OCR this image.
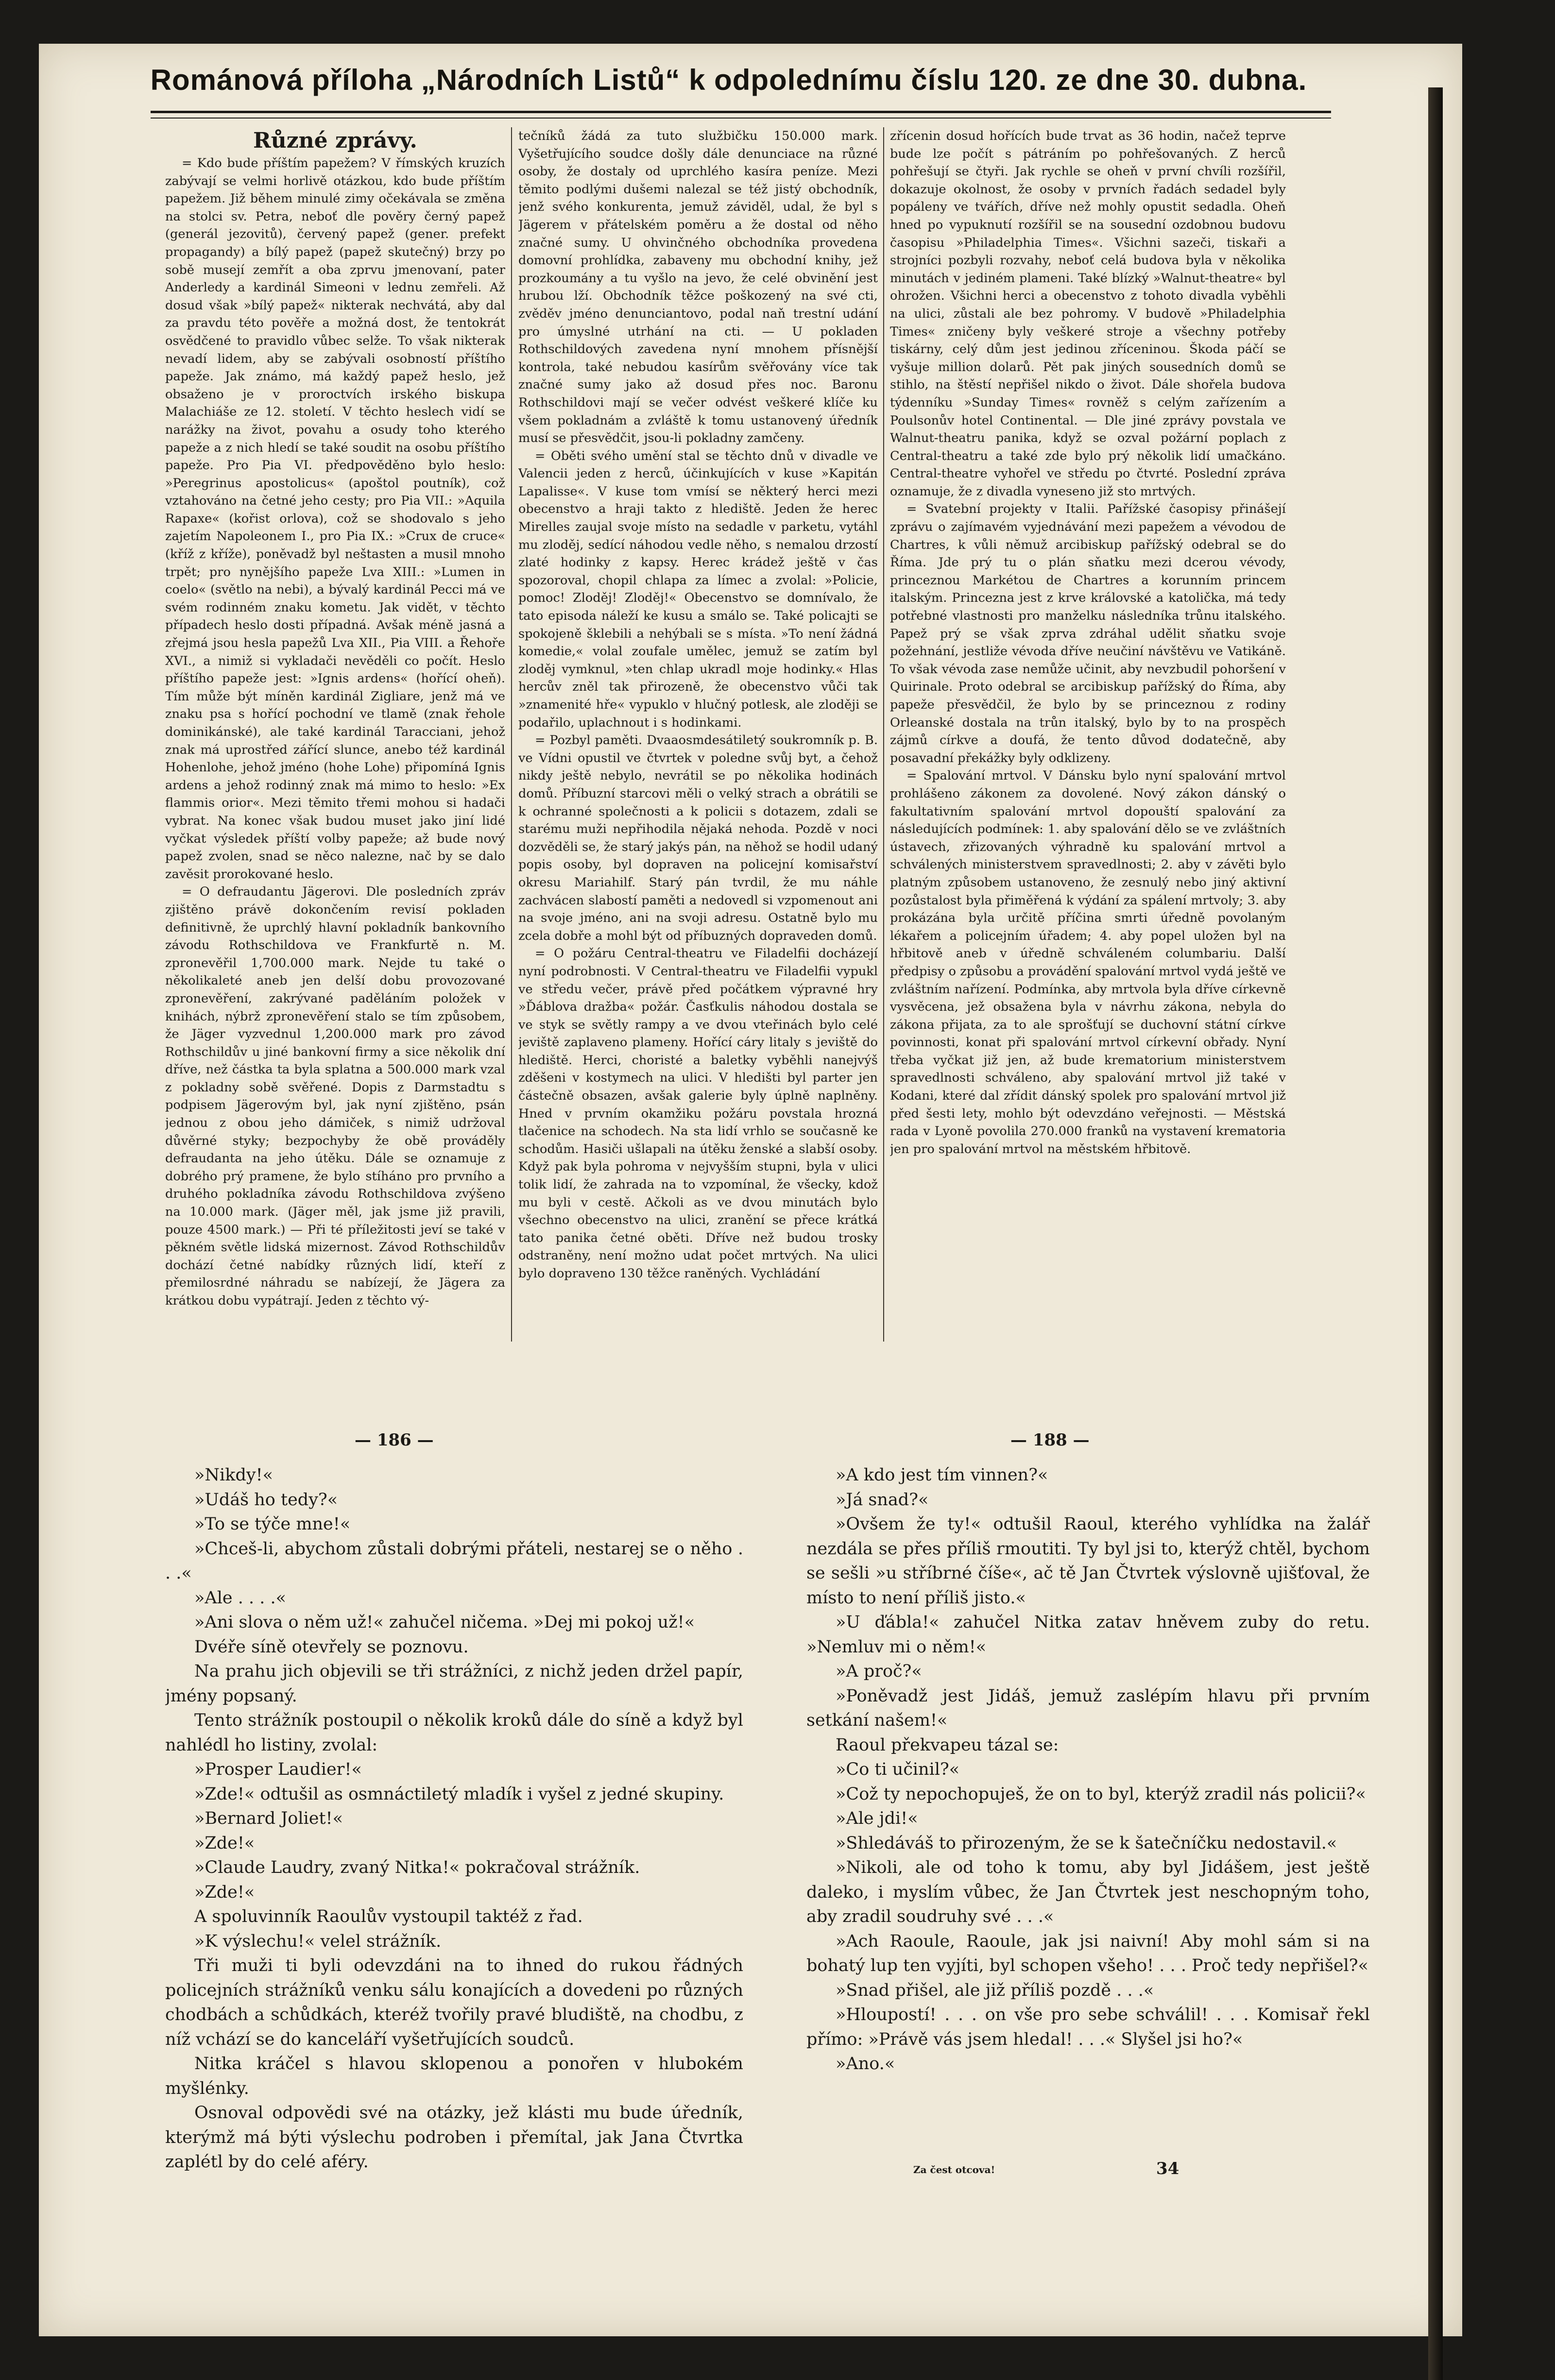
Románová příloha „Národních Listů“ k odpolednímu číslu 120. ze dne 30. dubna.

Různé zprávy.

= Kdo bude příštím papežem? V římských kruzích zabývají se velmi horlivě otázkou, kdo bude příštím papežem. Již během minulé zimy očekávala se změna na stolci sv. Petra, neboť dle pověry černý papež (generál jezovitů), červený papež (gener. prefekt propagandy) a bílý papež (papež skutečný) brzy po sobě musejí zemřít a oba zprvu jmenovaní, pater Anderledy a kardinál Simeoni v lednu zemřeli. Až dosud však »bílý papež« nikterak nechvátá, aby dal za pravdu této pověře a možná dost, že tentokrát osvědčené to pravidlo vůbec selže. To však nikterak nevadí lidem, aby se zabývali osobností příštího papeže. Jak známo, má každý papež heslo, jež obsaženo je v proroctvích irského biskupa Malachiáše ze 12. století. V těchto heslech vidí se narážky na život, povahu a osudy toho kterého papeže a z nich hledí se také soudit na osobu příštího papeže. Pro Pia VI. předpověděno bylo heslo: »Peregrinus apostolicus« (apoštol poutník), což vztahováno na četné jeho cesty; pro Pia VII.: »Aquila Rapaxe« (kořist orlova), což se shodovalo s jeho zajetím Napoleonem I., pro Pia IX.: »Crux de cruce« (kříž z kříže), poněvadž byl neštasten a musil mnoho trpět; pro nynějšího papeže Lva XIII.: »Lumen in coelo« (světlo na nebi), a bývalý kardinál Pecci má ve svém rodinném znaku kometu. Jak vidět, v těchto případech heslo dosti případná. Avšak méně jasná a zřejmá jsou hesla papežů Lva XII., Pia VIII. a Řehoře XVI., a nimiž si vykladači nevěděli co počít. Heslo příštího papeže jest: »Ignis ardens« (hořící oheň). Tím může být míněn kardinál Zigliare, jenž má ve znaku psa s hořící pochodní ve tlamě (znak řehole dominikánské), ale také kardinál Taracciani, jehož znak má uprostřed zářící slunce, anebo též kardinál Hohenlohe, jehož jméno (hohe Lohe) připomíná Ignis ardens a jehož rodinný znak má mimo to heslo: »Ex flammis orior«. Mezi těmito třemi mohou si hadači vybrat. Na konec však budou muset jako jiní lidé vyčkat výsledek příští volby papeže; až bude nový papež zvolen, snad se něco nalezne, nač by se dalo zavěsit prorokované heslo.

= O defraudantu Jägerovi. Dle posledních zpráv zjištěno právě dokončením revisí pokladen definitivně, že uprchlý hlavní pokladník bankovního závodu Rothschildova ve Frankfurtě n. M. zpronevěřil 1,700.000 mark. Nejde tu také o několikaleté aneb jen delší dobu provozované zpronevěření, zakrývané paděláním položek v knihách, nýbrž zpronevěření stalo se tím způsobem, že Jäger vyzvednul 1,200.000 mark pro závod Rothschildův u jiné bankovní firmy a sice několik dní dříve, než částka ta byla splatna a 500.000 mark vzal z pokladny sobě svěřené. Dopis z Darmstadtu s podpisem Jägerovým byl, jak nyní zjištěno, psán jednou z obou jeho dámiček, s nimiž udržoval důvěrné styky; bezpochyby že obě prováděly defraudanta na jeho útěku. Dále se oznamuje z dobrého prý pramene, že bylo stíháno pro prvního a druhého pokladníka závodu Rothschildova zvýšeno na 10.000 mark. (Jäger měl, jak jsme již pravili, pouze 4500 mark.) — Při té příležitosti jeví se také v pěkném světle lidská mizernost. Závod Rothschildův dochází četné nabídky různých lidí, kteří z přemilosrdné náhradu se nabízejí, že Jägera za krátkou dobu vypátrají. Jeden z těchto vý-

tečníků žádá za tuto službičku 150.000 mark. Vyšetřujícího soudce došly dále denunciace na různé osoby, že dostaly od uprchlého kasíra peníze. Mezi těmito podlými dušemi nalezal se též jistý obchodník, jenž svého konkurenta, jemuž záviděl, udal, že byl s Jägerem v přátelském poměru a že dostal od něho značné sumy. U ohvinčného obchodníka provedena domovní prohlídka, zabaveny mu obchodní knihy, jež prozkoumány a tu vyšlo na jevo, že celé obvinění jest hrubou lží. Obchodník těžce poškozený na své cti, zvěděv jméno denunciantovo, podal naň trestní udání pro úmyslné utrhání na cti. — U pokladen Rothschildových zavedena nyní mnohem přísnější kontrola, také nebudou kasírům svěřovány více tak značné sumy jako až dosud přes noc. Baronu Rothschildovi mají se večer odvést veškeré klíče ku všem pokladnám a zvláště k tomu ustanovený úředník musí se přesvědčit, jsou-li pokladny zamčeny.

= Oběti svého umění stal se těchto dnů v divadle ve Valencii jeden z herců, účinkujících v kuse »Kapitán Lapalisse«. V kuse tom vmísí se některý herci mezi obecenstvo a hraji takto z hlediště. Jeden že herec Mirelles zaujal svoje místo na sedadle v parketu, vytáhl mu zloděj, sedící náhodou vedle něho, s nemalou drzostí zlaté hodinky z kapsy. Herec krádež ještě v čas spozoroval, chopil chlapa za límec a zvolal: »Policie, pomoc! Zloděj! Zloděj!« Obecenstvo se domnívalo, že tato episoda náleží ke kusu a smálo se. Také policajti se spokojeně šklebili a nehýbali se s místa. »To není žádná komedie,« volal zoufale umělec, jemuž se zatím byl zloděj vymknul, »ten chlap ukradl moje hodinky.« Hlas hercův zněl tak přirozeně, že obecenstvo vůči tak »znamenité hře« vypuklo v hlučný potlesk, ale zloději se podařilo, uplachnout i s hodinkami.

= Pozbyl paměti. Dvaaosmdesátiletý soukromník p. B. ve Vídni opustil ve čtvrtek v poledne svůj byt, a čehož nikdy ještě nebylo, nevrátil se po několika hodinách domů. Příbuzní starcovi měli o velký strach a obrátili se k ochranné společnosti a k policii s dotazem, zdali se starému muži nepřihodila nějaká nehoda. Pozdě v noci dozvěděli se, že starý jakýs pán, na něhož se hodil udaný popis osoby, byl dopraven na policejní komisařství okresu Mariahilf. Starý pán tvrdil, že mu náhle zachvácen slabostí paměti a nedovedl si vzpomenout ani na svoje jméno, ani na svoji adresu. Ostatně bylo mu zcela dobře a mohl být od příbuzných dopraveden domů.

= O požáru Central-theatru ve Filadelfii docházejí nyní podrobnosti. V Central-theatru ve Filadelfii vypukl ve středu večer, právě před počátkem výpravné hry »Ďáblova dražba« požár. Časťkulis náhodou dostala se ve styk se světly rampy a ve dvou vteřinách bylo celé jeviště zaplaveno plameny. Hořící cáry litaly s jeviště do hlediště. Herci, choristé a baletky vyběhli nanejvýš zděšeni v kostymech na ulici. V hledišti byl parter jen částečně obsazen, avšak galerie byly úplně naplněny. Hned v prvním okamžiku požáru povstala hrozná tlačenice na schodech. Na sta lidí vrhlo se současně ke schodům. Hasiči ušlapali na útěku ženské a slabší osoby. Když pak byla pohroma v nejvyšším stupni, byla v ulici tolik lidí, že zahrada na to vzpomínal, že všecky, kdož mu byli v cestě. Ačkoli as ve dvou minutách bylo všechno obecenstvo na ulici, zranění se přece krátká tato panika četné oběti. Dříve než budou trosky odstraněny, není možno udat počet mrtvých. Na ulici bylo dopraveno 130 těžce raněných. Vychládání

zřícenin dosud hořících bude trvat as 36 hodin, načež teprve bude lze počít s pátráním po pohřešovaných. Z herců pohřešují se čtyři. Jak rychle se oheň v první chvíli rozšířil, dokazuje okolnost, že osoby v prvních řadách sedadel byly popáleny ve tvářích, dříve než mohly opustit sedadla. Oheň hned po vypuknutí rozšířil se na sousední ozdobnou budovu časopisu »Philadelphia Times«. Všichni sazeči, tiskaři a strojníci pozbyli rozvahy, neboť celá budova byla v několika minutách v jediném plameni. Také blízký »Walnut-theatre« byl ohrožen. Všichni herci a obecenstvo z tohoto divadla vyběhli na ulici, zůstali ale bez pohromy. V budově »Philadelphia Times« zničeny byly veškeré stroje a všechny potřeby tiskárny, celý dům jest jedinou zříceninou. Škoda páčí se vyšuje million dolarů. Pět pak jiných sousedních domů se stihlo, na štěstí nepřišel nikdo o život. Dále shořela budova týdenníku »Sunday Times« rovněž s celým zařízením a Poulsonův hotel Continental. — Dle jiné zprávy povstala ve Walnut-theatru panika, když se ozval požární poplach z Central-theatru a také zde bylo prý několik lidí umačkáno. Central-theatre vyhořel ve středu po čtvrté. Poslední zpráva oznamuje, že z divadla vyneseno již sto mrtvých.

= Svatební projekty v Italii. Pařížské časopisy přinášejí zprávu o zajímavém vyjednávání mezi papežem a vévodou de Chartres, k vůli němuž arcibiskup pařížský odebral se do Říma. Jde prý tu o plán sňatku mezi dcerou vévody, princeznou Markétou de Chartres a korunním princem italským. Princezna jest z krve královské a katolička, má tedy potřebné vlastnosti pro manželku následníka trůnu italského. Papež prý se však zprva zdráhal udělit sňatku svoje požehnání, jestliže vévoda dříve neučiní návštěvu ve Vatikáně. To však vévoda zase nemůže učinit, aby nevzbudil pohoršení v Quirinale. Proto odebral se arcibiskup pařížský do Říma, aby papeže přesvědčil, že bylo by se princeznou z rodiny Orleanské dostala na trůn italský, bylo by to na prospěch zájmů církve a doufá, že tento důvod dodatečně, aby posavadní překážky byly odklizeny.

= Spalování mrtvol. V Dánsku bylo nyní spalování mrtvol prohlášeno zákonem za dovolené. Nový zákon dánský o fakultativním spalování mrtvol dopouští spalování za následujících podmínek: 1. aby spalování dělo se ve zvláštních ústavech, zřizovaných výhradně ku spalování mrtvol a schválených ministerstvem spravedlnosti; 2. aby v závěti bylo platným způsobem ustanoveno, že zesnulý nebo jiný aktivní pozůstalost byla přiměřená k výdání za spálení mrtvoly; 3. aby prokázána byla určitě příčina smrti úředně povolaným lékařem a policejním úřadem; 4. aby popel uložen byl na hřbitově aneb v úředně schváleném columbariu. Další předpisy o způsobu a provádění spalování mrtvol vydá ještě ve zvláštním nařízení. Podmínka, aby mrtvola byla dříve církevně vysvěcena, jež obsažena byla v návrhu zákona, nebyla do zákona přijata, za to ale sprošťují se duchovní státní církve povinnosti, konat při spalování mrtvol církevní obřady. Nyní třeba vyčkat již jen, až bude krematorium ministerstvem spravedlnosti schváleno, aby spalování mrtvol již také v Kodani, které dal zřídit dánský spolek pro spalování mrtvol již před šesti lety, mohlo být odevzdáno veřejnosti. — Městská rada v Lyoně povolila 270.000 franků na vystavení krematoria jen pro spalování mrtvol na městském hřbitově.

— 186 —	— 188 —

»Nikdy!«

»Udáš ho tedy?«

»To se týče mne!«

»Chceš-li, abychom zůstali dobrými přáteli, nestarej se o něho . . .«

»Ale . . . .«

»Ani slova o něm už!« zahučel ničema. »Dej mi pokoj už!«

Dvéře síně otevřely se poznovu.

Na prahu jich objevili se tři strážníci, z nichž jeden držel papír, jmény popsaný.

Tento strážník postoupil o několik kroků dále do síně a když byl nahlédl ho listiny, zvolal:

»Prosper Laudier!«

»Zde!« odtušil as osmnáctiletý mladík i vyšel z jedné skupiny.

»Bernard Joliet!«

»Zde!«

»Claude Laudry, zvaný Nitka!« pokračoval strážník.

»Zde!«

A spoluvinník Raoulův vystoupil taktéž z řad.

»K výslechu!« velel strážník.

Tři muži ti byli odevzdáni na to ihned do rukou řádných policejních strážníků venku sálu konajících a dovedeni po různých chodbách a schůdkách, kteréž tvořily pravé bludiště, na chodbu, z níž vchází se do kanceláří vyšetřujících soudců.

Nitka kráčel s hlavou sklopenou a ponořen v hlubokém myšlénky.

Osnoval odpovědi své na otázky, jež klásti mu bude úředník, kterýmž má býti výslechu podroben i přemítal, jak Jana Čtvrtka zaplétl by do celé aféry.

»A kdo jest tím vinnen?«

»Já snad?«

»Ovšem že ty!« odtušil Raoul, kterého vyhlídka na žalář nezdála se přes příliš rmoutiti. Ty byl jsi to, kterýž chtěl, bychom se sešli »u stříbrné číše«, ač tě Jan Čtvrtek výslovně ujišťoval, že místo to není příliš jisto.«

»U ďábla!« zahučel Nitka zatav hněvem zuby do retu. »Nemluv mi o něm!«

»A proč?«

»Poněvadž jest Jidáš, jemuž zaslépím hlavu při prvním setkání našem!«

Raoul překvapeu tázal se:

»Co ti učinil?«

»Což ty nepochopuješ, že on to byl, kterýž zradil nás policii?«

»Ale jdi!«

»Shledáváš to přirozeným, že se k šatečníčku nedostavil.«

»Nikoli, ale od toho k tomu, aby byl Jidášem, jest ještě daleko, i myslím vůbec, že Jan Čtvrtek jest neschopným toho, aby zradil soudruhy své . . .«

»Ach Raoule, Raoule, jak jsi naivní! Aby mohl sám si na bohatý lup ten vyjíti, byl schopen všeho! . . . Proč tedy nepřišel?«

»Snad přišel, ale již příliš pozdě . . .«

»Hloupostí! . . . on vše pro sebe schválil! . . . Komisař řekl přímo: »Právě vás jsem hledal! . . .« Slyšel jsi ho?«

»Ano.«

Za čest otcova!	34
